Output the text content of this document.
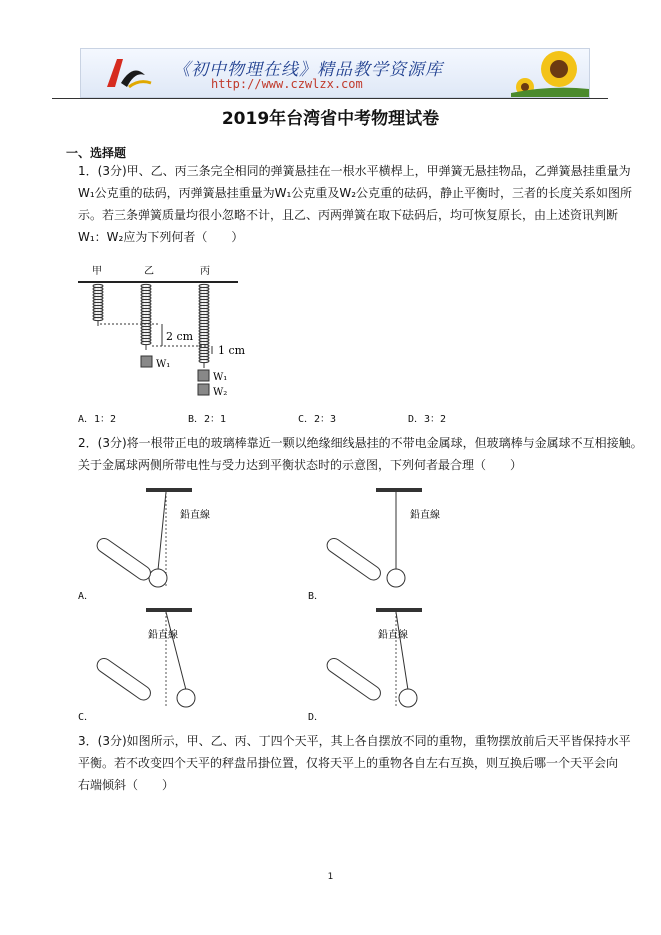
《初中物理在线》精品教学资源库
http://www.czwlzx.com
2019年台湾省中考物理试卷
一、选择题
1．(3分)甲、乙、丙三条完全相同的弹簧悬挂在一根水平横桿上，甲弹簧无悬挂物品，乙弹簧悬挂重量为
W₁公克重的砝码，丙弹簧悬挂重量为W₁公克重及W₂公克重的砝码，静止平衡时，三者的长度关系如图所
示。若三条弹簧质量均很小忽略不计，且乙、丙两弹簧在取下砝码后，均可恢复原长，由上述资讯判断
W₁：W₂应为下列何者（　　）
甲	乙	丙
2 cm
1 cm
W₁
W₁
W₂
A．1：2	B．2：1	C．2：3	D．3：2
2．(3分)将一根带正电的玻璃棒靠近一颗以绝缘细线悬挂的不带电金属球，但玻璃棒与金属球不互相接触。
关于金属球两侧所带电性与受力达到平衡状态时的示意图，下列何者最合理（　　）
A．	B．
C．	D．
鉛直線	鉛直線
鉛直線	鉛直線
3．(3分)如图所示，甲、乙、丙、丁四个天平，其上各自摆放不同的重物，重物摆放前后天平皆保持水平
平衡。若不改变四个天平的秤盘吊掛位置，仅将天平上的重物各自左右互换，则互换后哪一个天平会向
右端倾斜（　　）
1
